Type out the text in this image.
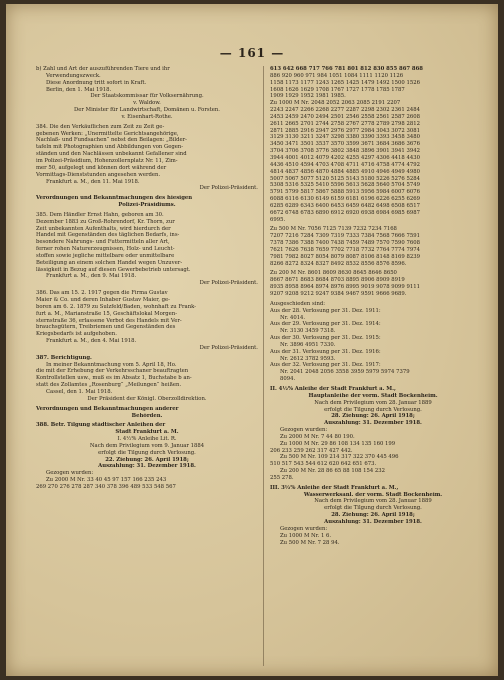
— 161 —
b) Zahl und Art der auszuführenden Tiere und ihr
Verwendungszweck.
Diese Anordnung tritt sofort in Kraft.
Berlin, den 1. Mai 1918.
Der Staatskommissar für Volksernährung.
v. Waldow.
Der Minister für Landwirtschaft, Domänen u. Forsten.
v. Eisenhart-Rothe.
384. Die den Verkäuflichen zum Zeit zu Zeit ge-
gebenen Werken: „Unermittelte Gerichtsangehörige,
Nachlaß- und Fundsachen“ nebst den Beilagen: „Bilder-
tafeln mit Photographien und Abbildungen von Gegen-
ständen und den Nachlässen unbekannt Gefallener sind
im Polizei-Präsidium, Hohenzollernplatz Nr. 11, Zim-
mer 50, aufgelegt und können dort während der
Vormittags-Dienststunden angesehen werden.
Frankfurt a. M., den 11. Mai 1918.
Der Polizei-Präsident.
Verordnungen und Bekanntmachungen des hiesigen
Polizei-Präsidiums.
385. Dem Händler Ernst Hahn, geboren am 30.
Dezember 1883 zu Groß-Rohrendorf, Kr. Thorn, zur
Zeit unbekannten Aufenthalts, wird hierdurch der
Handel mit Gegenständen des täglichen Bedarfs, ins-
besondere Nahrungs- und Futtermitteln aller Art,
ferner rohen Naturerzeugnissen, Holz- und Leucht-
stoffen sowie jegliche mittelbare oder unmittelbare
Beteiligung an einem solchen Handel wegen Unzuver-
lässigkeit in Bezug auf diesen Gewerbebetrieb untersagt.
Frankfurt a. M., den 9. Mai 1918.
Der Polizei-Präsident.
386. Das am 15. 2. 1917 gegen die Firma Gustav
Maier & Co. und deren Inhaber Gustav Maier, ge-
boren am 6. 2. 1879 zu Sulzfeld/Baden, wohnhaft zu Frank-
furt a. M., Marianstraße 15, Geschäftslokal Morgen-
sternstraße 36, erlassene Verbot des Handels mit Ver-
brauchsgütern, Treibriemen und Gegenständen des
Kriegsbedarfs ist aufgehoben.
Frankfurt a. M., den 4. Mai 1918.
Der Polizei-Präsident.
387. Berichtigung.
In meiner Bekanntmachung vom 5. April 18, Ho.
die mit der Erhebung der Verkehrsschaner beauftragten
Kontrollstellen usw., muß es im Absatz 1, Buchstabe b an-
statt des Zollamtes „Rosenburg“ „Meilungen“ heißen.
Cassel, den 1. Mai 1918.
Der Präsident der Königl. Oberzolldirektion.
Verordnungen und Bekanntmachungen anderer
Behörden.
388. Betr. Tilgung städtischer Anleihen der
Stadt Frankfurt a. M.
I. 4½% Anleihe Lit. R.
Nach dem Privilegium vom 9. Januar 1884
erfolgt die Tilgung durch Verlosung.
22. Ziehung: 26. April 1918;
Auszahlung: 31. Dezember 1918.
Gezogen wurden:
Zu 2000 M Nr. 33 40 45 97 157 166 235 243
269 270 276 278 287 340 378 396 489 533 548 567
613 642 668 717 766 781 801 812 830 855 867 868
886 920 960 971 984 1051 1084 1111 1120 1126
1158 1173 1177 1243 1265 1425 1479 1492 1500 1526
1608 1626 1629 1708 1767 1727 1778 1785 1787
1909 1929 1952 1981 1985.
Zu 1000 M Nr. 2048 2052 2063 2085 2191 2207
2243 2247 2266 2268 2277 2287 2298 2302 2361 2484
2453 2459 2470 2494 2501 2546 2558 2561 2587 2608
2611 2665 2701 2744 2758 2767 2778 2789 2798 2812
2871 2885 2916 2947 2976 2977 2984 3043 3072 3081
3129 3130 3211 3247 3298 3380 3390 3393 3458 3480
3450 3471 3501 3537 3570 3599 3671 3684 3686 3676
3704 3706 3708 3776 3802 3848 3896 3901 3941 3942
3944 4001 4012 4079 4202 4255 4297 4306 4418 4430
4436 4510 4594 4703 4708 4711 4716 4758 4774 4792
4814 4837 4856 4870 4884 4885 4910 4946 4949 4980
5007 5067 5077 5120 5125 5143 5180 5226 5276 5284
5308 5316 5325 5410 5596 5613 5628 5640 5704 5749
5791 5799 5817 5867 5888 5913 5956 5984 6007 6076
6088 6116 6130 6149 6159 6181 6196 6226 6255 6269
6285 6289 6343 6400 6453 6459 6482 6498 6508 6517
6672 6748 6783 6890 6912 6920 6938 6984 6985 6987
6995.
Zu 500 M Nr. 7056 7125 7139 7232 7234 7168
7207 7216 7284 7309 7319 7333 7384 7568 7666 7591
7378 7386 7388 7400 7438 7459 7489 7570 7590 7608
7621 7626 7638 7659 7702 7718 7732 7764 7774 7974
7981 7982 8027 8054 8079 8087 8106 8148 8169 8239
8266 8272 8324 8327 8492 8532 8556 8576 8596.
Zu 200 M Nr. 8601 8609 8630 8645 8646 8650
8667 8671 8683 8684 8703 8895 8906 8909 8919
8935 8958 8964 8974 8976 8995 9019 9078 9099 9111
9207 9208 9212 9247 9384 9467 9591 9666 9689.
Ausgeschieden sind:
Aus der 28. Verlosung per 31. Dez. 1911:
Nr. 4014.
Aus der 29. Verlosung per 31. Dez. 1914:
Nr. 3130 3459 7318.
Aus der 30. Verlosung per 31. Dez. 1915:
Nr. 3896 4951 7330.
Aus der 31. Verlosung per 31. Dez. 1916:
Nr. 2612 3782 9593.
Aus der 32. Verlosung per 31. Dez. 1917:
Nr. 2041 2048 2056 3558 3959 5979 5974 7379
8094.
II. 4½% Anleihe der Stadt Frankfurt a. M.,
Hauptanleihe der vorm. Stadt Bockenheim.
Nach dem Privilegium vom 28. Januar 1889
erfolgt die Tilgung durch Verlosung.
28. Ziehung: 26. April 1918;
Auszahlung: 31. Dezember 1918.
Gezogen wurden:
Zu 2000 M Nr. 7 44 80 190.
Zu 1000 M Nr. 29 86 108 134 135 160 199
206 233 259 262 317 427 442.
Zu 500 M Nr. 109 214 317 322 370 445 496
510 517 543 544 612 620 642 651 673.
Zu 200 M Nr. 28 86 65 88 108 154 232
255 278.
III. 3½% Anleihe der Stadt Frankfurt a. M.,
Wasserwerksanl. der vorm. Stadt Bockenheim.
Nach dem Privilegium vom 28. Januar 1889
erfolgt die Tilgung durch Verlosung.
28. Ziehung: 26. April 1918;
Auszahlung: 31. Dezember 1918.
Gezogen wurden:
Zu 1000 M Nr. 1 6.
Zu 500 M Nr. 7 28 94.
